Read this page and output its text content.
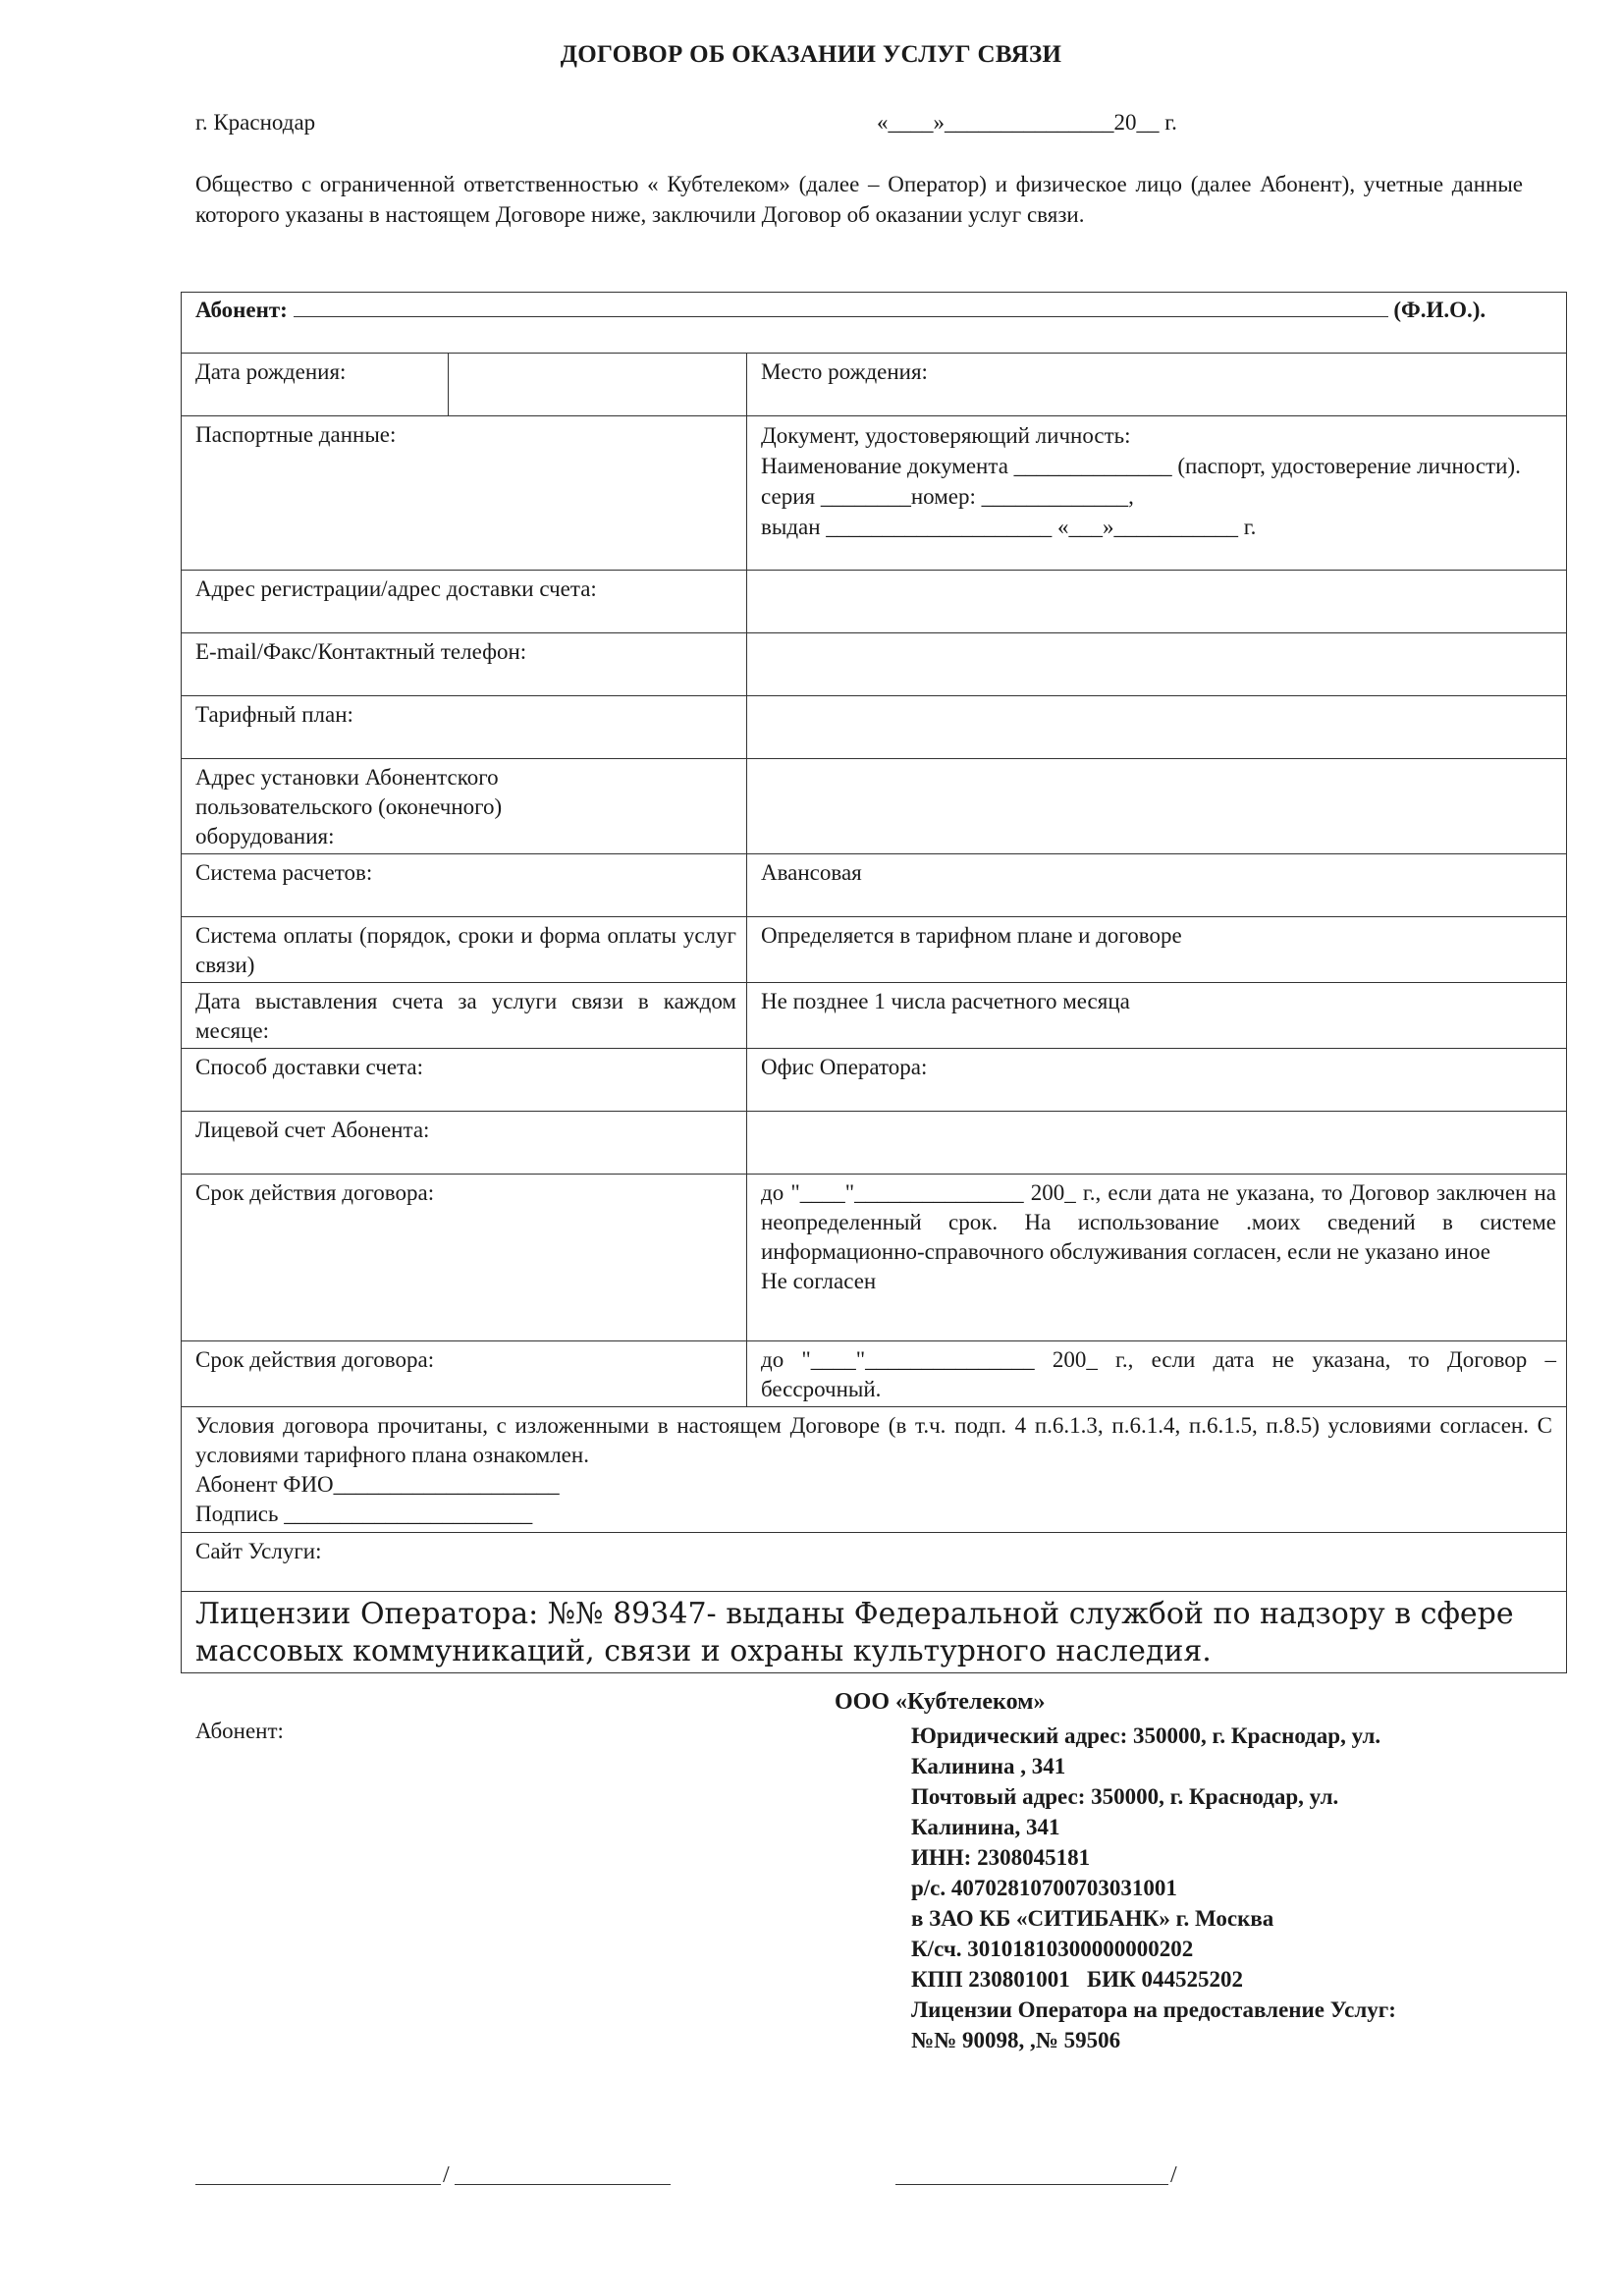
ДОГОВОР ОБ ОКАЗАНИИ УСЛУГ СВЯЗИ
г. Краснодар	«____»_______________20__ г.
Общество с ограниченной ответственностью « Кубтелеком» (далее – Оператор) и физическое лицо (далее Абонент), учетные данные которого указаны в настоящем Договоре ниже, заключили Договор об оказании услуг связи.
Абонент: (Ф.И.О.).		
Дата рождения:		Место рождения:
Паспортные данные:		Документ, удостоверяющий личность:
Наименование документа ______________ (паспорт, удостоверение личности).
серия ________номер: _____________,
выдан ____________________ «___»___________ г.

Адрес регистрации/адрес доставки счета:		
E-mail/Факс/Контактный телефон:		
Тарифный план:		

Адрес установки Абонентского пользовательского (оконечного) оборудования:		

Система расчетов:		Авансовая
Система оплаты (порядок, сроки и форма оплаты услуг связи)		Определяется в тарифном плане и договоре
Дата выставления счета за услуги связи в каждом месяце:		Не позднее 1 числа расчетного месяца
Способ доставки счета:		Офис Оператора:
Лицевой счет Абонента:		
Срок действия договора:		до "____"_______________ 200_ г., если дата не указана, то Договор заключен на неопределенный срок. На использование .моих сведений в системе информационно-справочного обслуживания согласен, если не указано иное
Не согласен

Срок действия договора:		до "____"_______________ 200_ г., если дата не указана, то Договор – бессрочный.

Условия договора прочитаны, с изложенными в настоящем Договоре (в т.ч. подп. 4 п.6.1.3, п.6.1.4, п.6.1.5, п.8.5) условиями согласен. С условиями тарифного плана ознакомлен.
Абонент ФИО____________________
Подпись ______________________		

Сайт Услуги:		
Лицензии Оператора: №№ 89347- выданы Федеральной службой по надзору в сфере массовых коммуникаций, связи и охраны культурного наследия.		
ООО «Кубтелеком»
Абонент:	Юридический адрес: 350000, г. Краснодар, ул.
Калинина , 341
Почтовый адрес: 350000, г. Краснодар, ул.
Калинина, 341
ИНН: 2308045181
р/с. 40702810700703031001
в ЗАО КБ «СИТИБАНК» г. Москва
К/сч. 30101810300000000202
КПП 230801001   БИК 044525202
Лицензии Оператора на предоставление Услуг:
№№ 90098, ,№ 59506
/	/
